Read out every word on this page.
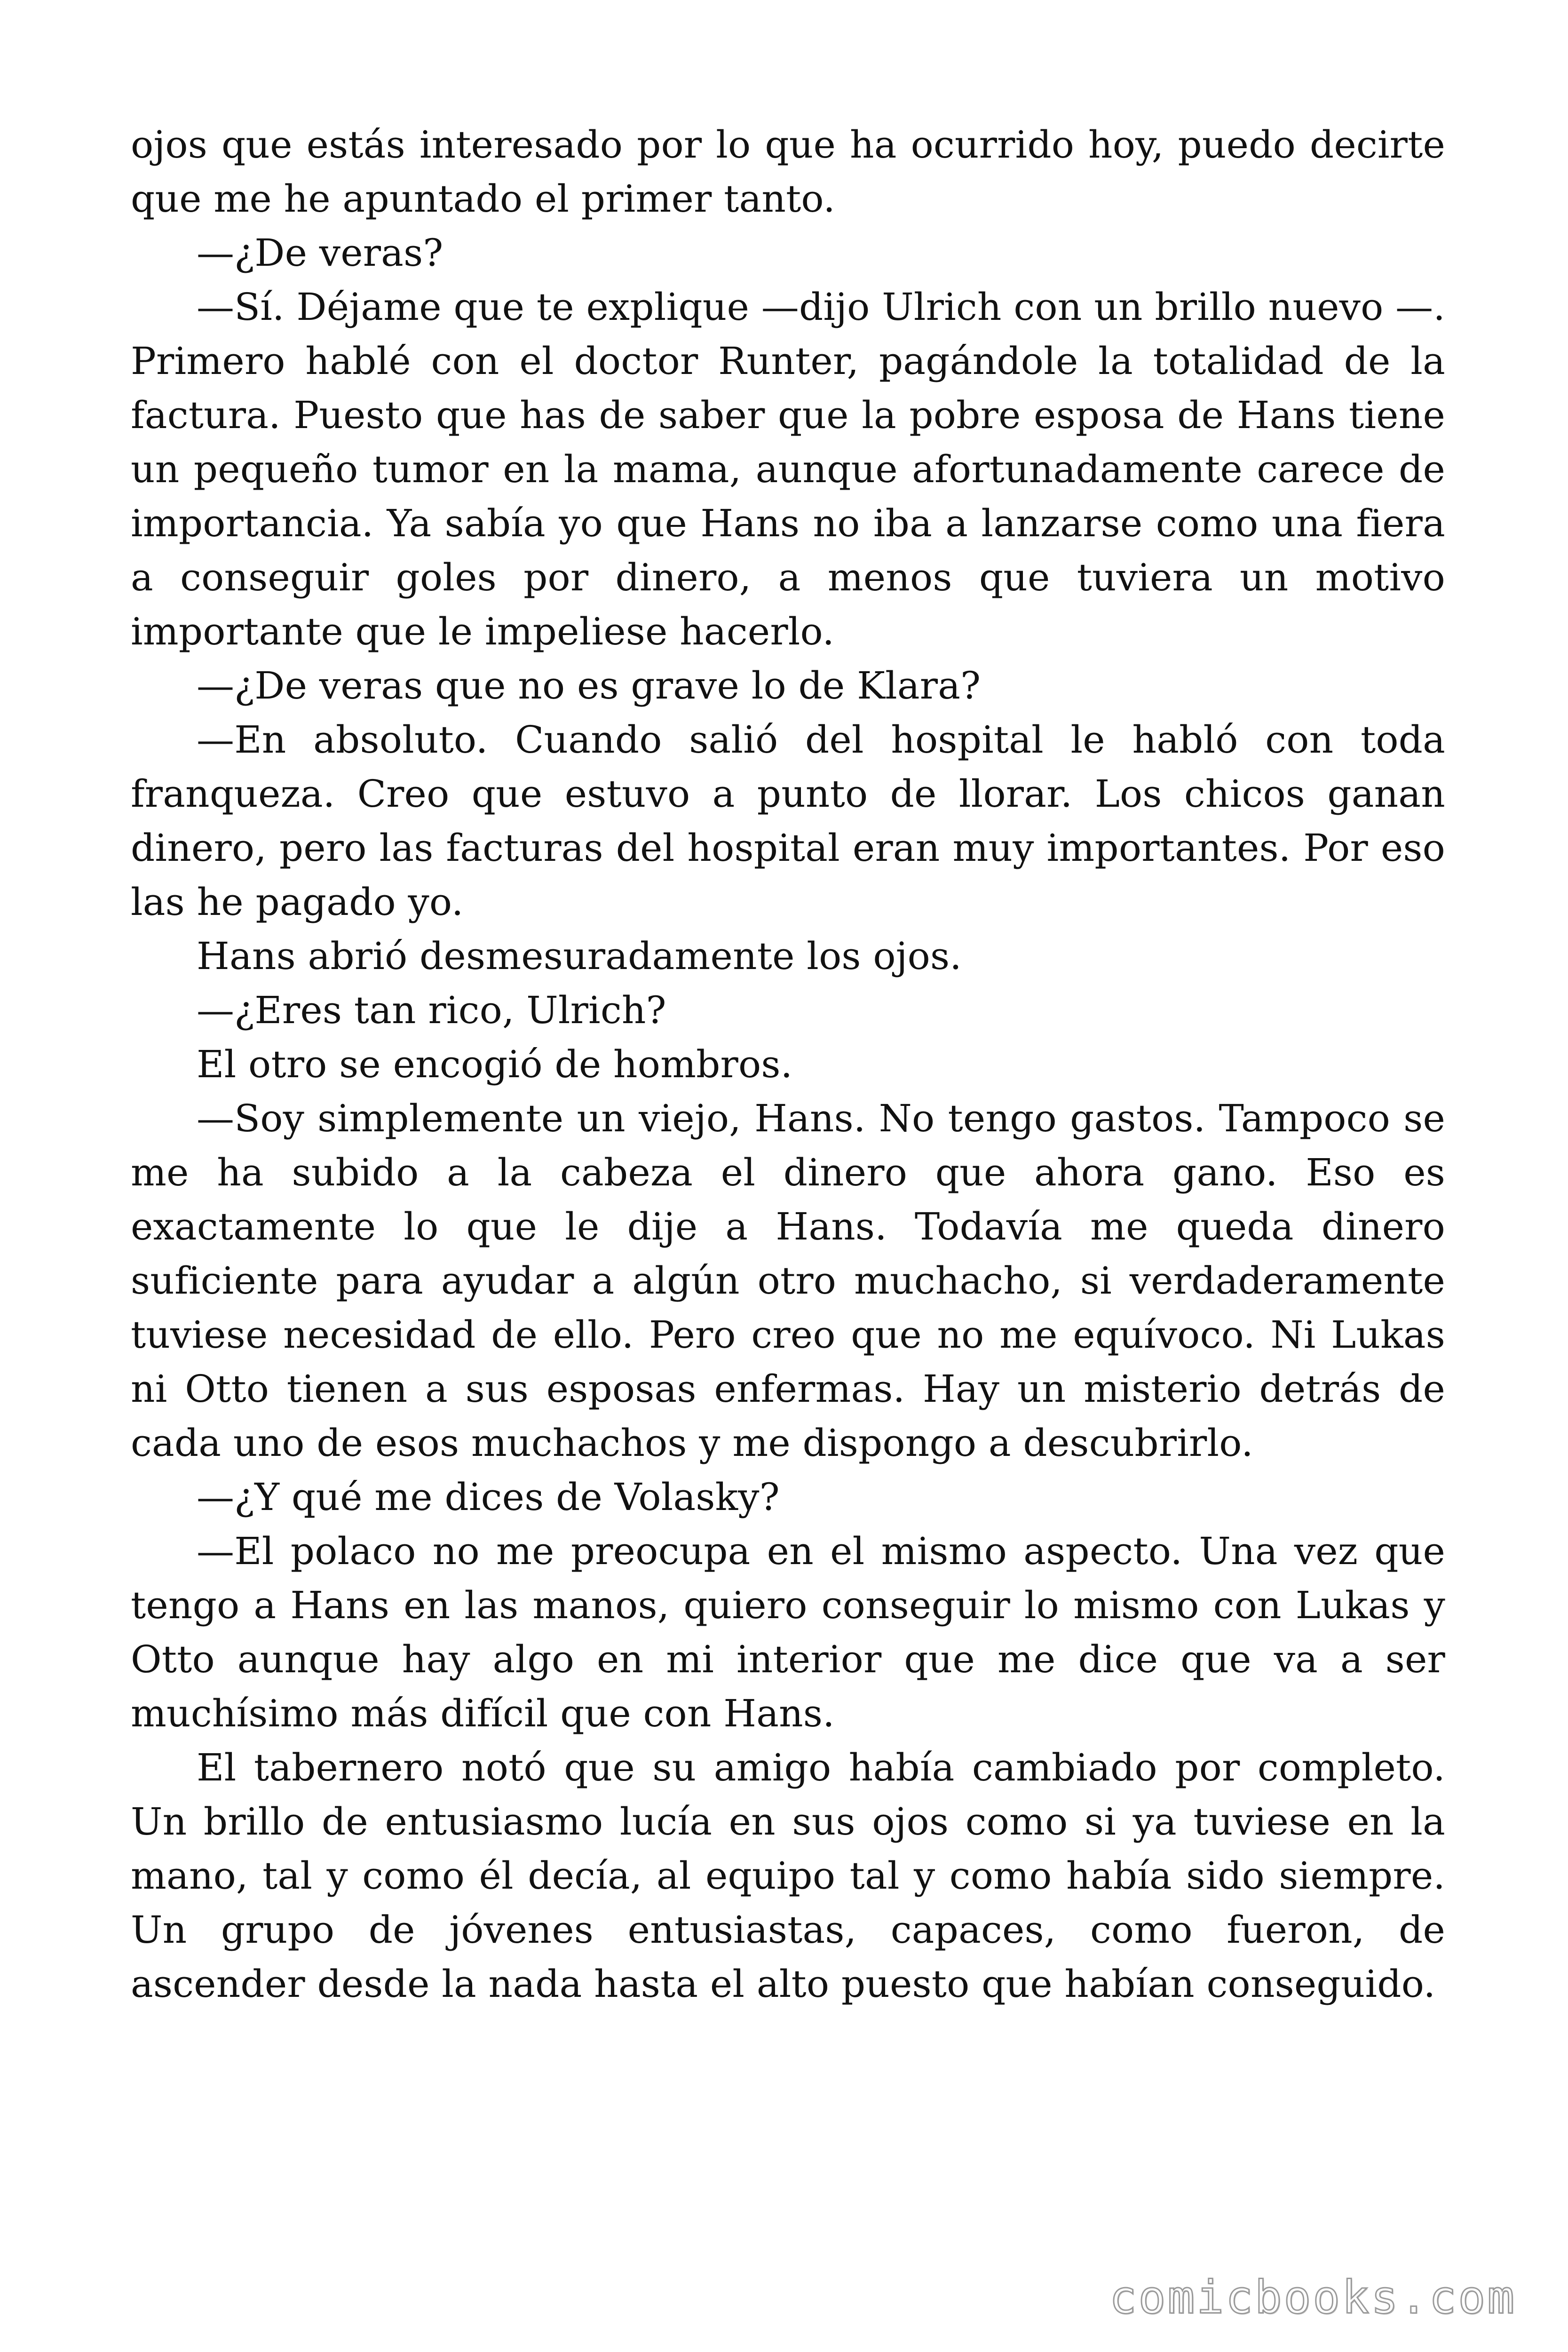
ojos que estás interesado por lo que ha ocurrido hoy, puedo decirte que me he apuntado el primer tanto.

—¿De veras?

—Sí. Déjame que te explique —dijo Ulrich con un brillo nuevo —. Primero hablé con el doctor Runter, pagándole la totalidad de la factura. Puesto que has de saber que la pobre esposa de Hans tiene un pequeño tumor en la mama, aunque afortunadamente carece de importancia. Ya sabía yo que Hans no iba a lanzarse como una fiera a conseguir goles por dinero, a menos que tuviera un motivo importante que le impeliese hacerlo.

—¿De veras que no es grave lo de Klara?

—En absoluto. Cuando salió del hospital le habló con toda franqueza. Creo que estuvo a punto de llorar. Los chicos ganan dinero, pero las facturas del hospital eran muy importantes. Por eso las he pagado yo.

Hans abrió desmesuradamente los ojos.

—¿Eres tan rico, Ulrich?

El otro se encogió de hombros.

—Soy simplemente un viejo, Hans. No tengo gastos. Tampoco se me ha subido a la cabeza el dinero que ahora gano. Eso es exactamente lo que le dije a Hans. Todavía me queda dinero suficiente para ayudar a algún otro muchacho, si verdaderamente tuviese necesidad de ello. Pero creo que no me equívoco. Ni Lukas ni Otto tienen a sus esposas enfermas. Hay un misterio detrás de cada uno de esos muchachos y me dispongo a descubrirlo.

—¿Y qué me dices de Volasky?

—El polaco no me preocupa en el mismo aspecto. Una vez que tengo a Hans en las manos, quiero conseguir lo mismo con Lukas y Otto aunque hay algo en mi interior que me dice que va a ser muchísimo más difícil que con Hans.

El tabernero notó que su amigo había cambiado por completo. Un brillo de entusiasmo lucía en sus ojos como si ya tuviese en la mano, tal y como él decía, al equipo tal y como había sido siempre. Un grupo de jóvenes entusiastas, capaces, como fueron, de ascender desde la nada hasta el alto puesto que habían conseguido.

comicbooks.com
